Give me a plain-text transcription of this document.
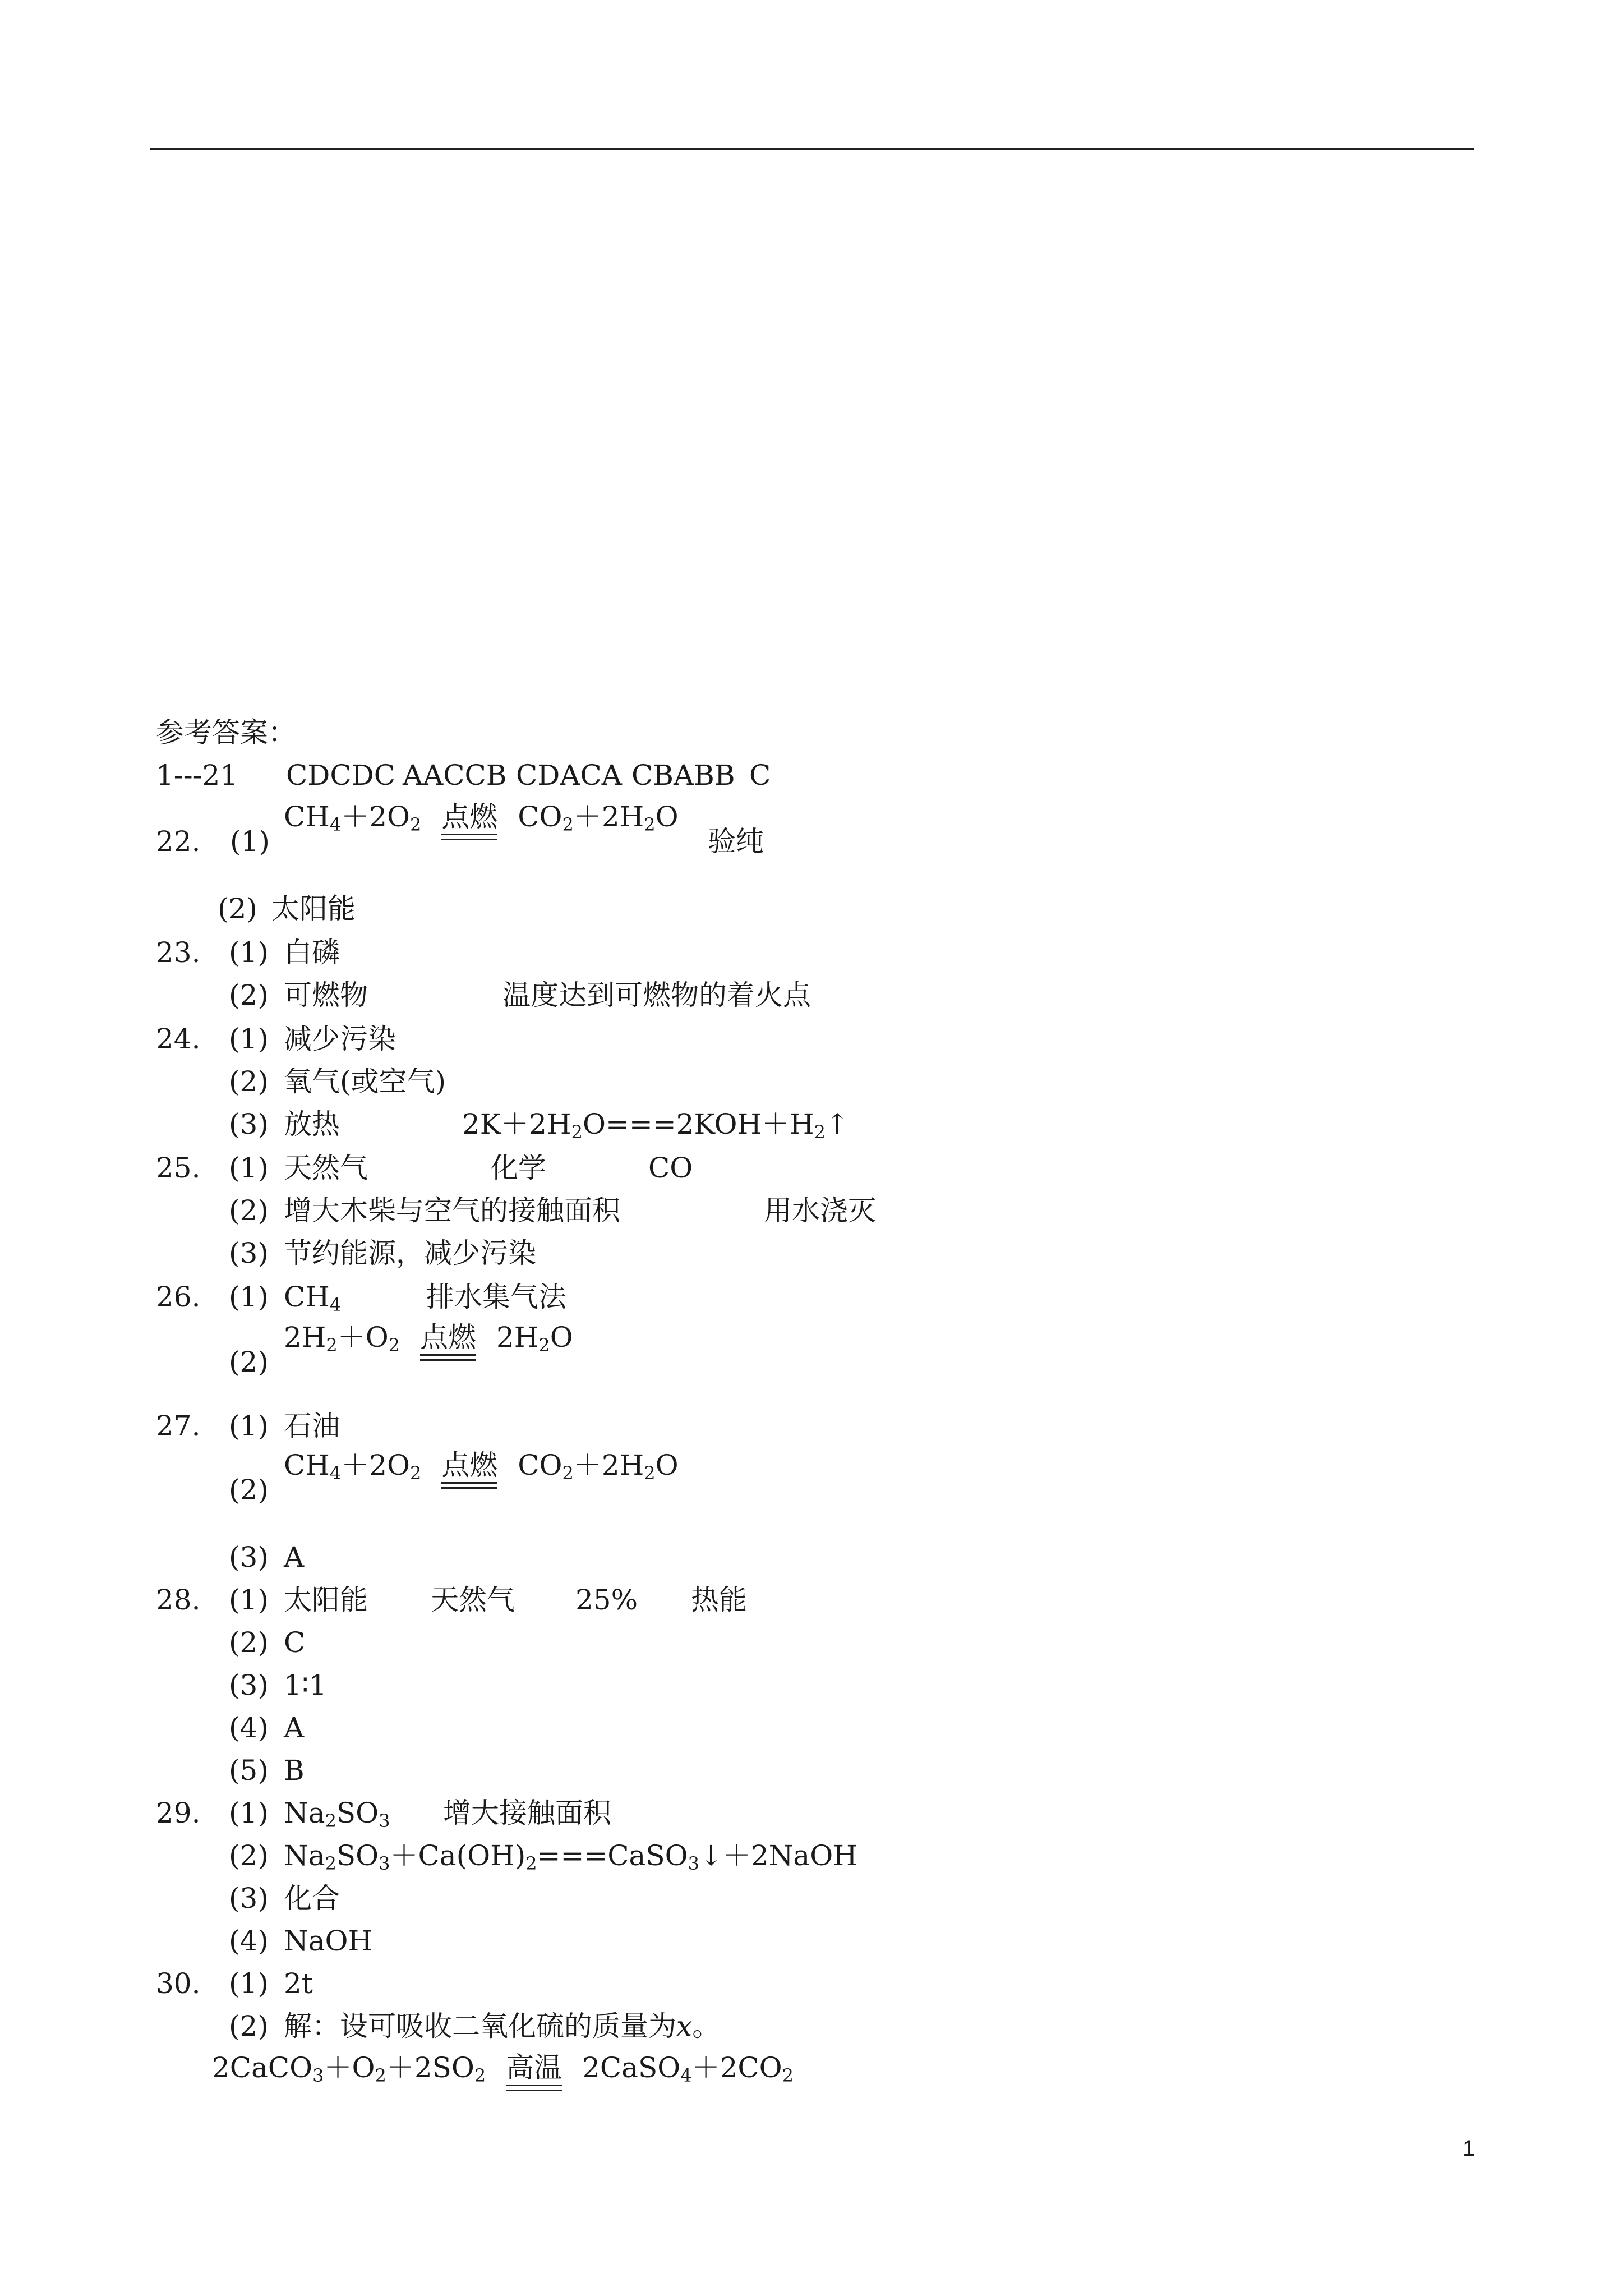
参考答案：
1---21 CDCDC AACCB CDACA CBABB C
22. (1)
$CH_4+2O_2$ 点燃 $CO_2+2H_2O$
验纯
(2) 太阳能
23. (1) 白磷
(2) 可燃物	温度达到可燃物的着火点
24. (1) 减少污染
(2) 氧气(或空气)
(3) 放热	$2K+2H_2O===2KOH+H_2↑$
25. (1) 天然气	化学	CO
(2) 增大木柴与空气的接触面积	用水浇灭
(3) 节约能源，减少污染
26. (1) $CH_4$	排水集气法
(2)
$2H_2+O_2$ 点燃 $2H_2O$
27. (1) 石油
(2)
$CH_4+2O_2$ 点燃 $CO_2+2H_2O$
(3) A
28. (1) 太阳能 天然气 25% 热能
(2) C
(3) 1∶1
(4) A
(5) B
29. (1) $Na_2SO_3$ 增大接触面积
(2) $Na_2SO_3+Ca(OH)_2===CaSO_3↓+2NaOH$
(3) 化合
(4) NaOH
30. (1) 2t
(2) 解：设可吸收二氧化硫的质量为x。
$2CaCO_3+O_2+2SO_2$ 高温 $2CaSO_4+2CO_2$
1
